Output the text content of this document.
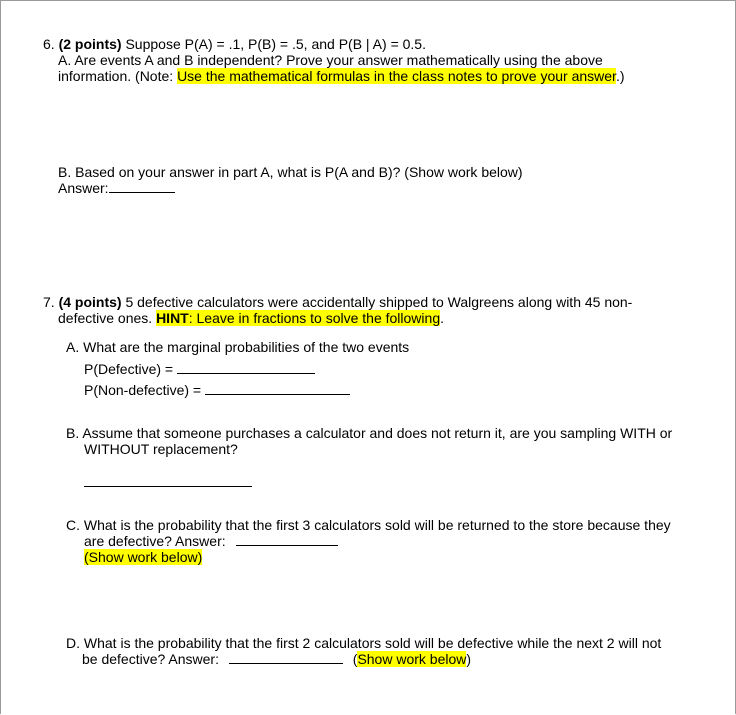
6. (2 points) Suppose P(A) = .1, P(B) = .5, and P(B | A) = 0.5.
A. Are events A and B independent? Prove your answer mathematically using the above
information. (Note: Use the mathematical formulas in the class notes to prove your answer.)
B. Based on your answer in part A, what is P(A and B)? (Show work below)
Answer:
7. (4 points) 5 defective calculators were accidentally shipped to Walgreens along with 45 non-
defective ones. HINT: Leave in fractions to solve the following.
A. What are the marginal probabilities of the two events
P(Defective) =
P(Non-defective) =
B. Assume that someone purchases a calculator and does not return it, are you sampling WITH or
WITHOUT replacement?
C. What is the probability that the first 3 calculators sold will be returned to the store because they
are defective? Answer:
(Show work below)
D. What is the probability that the first 2 calculators sold will be defective while the next 2 will not
be defective? Answer:	(Show work below)
